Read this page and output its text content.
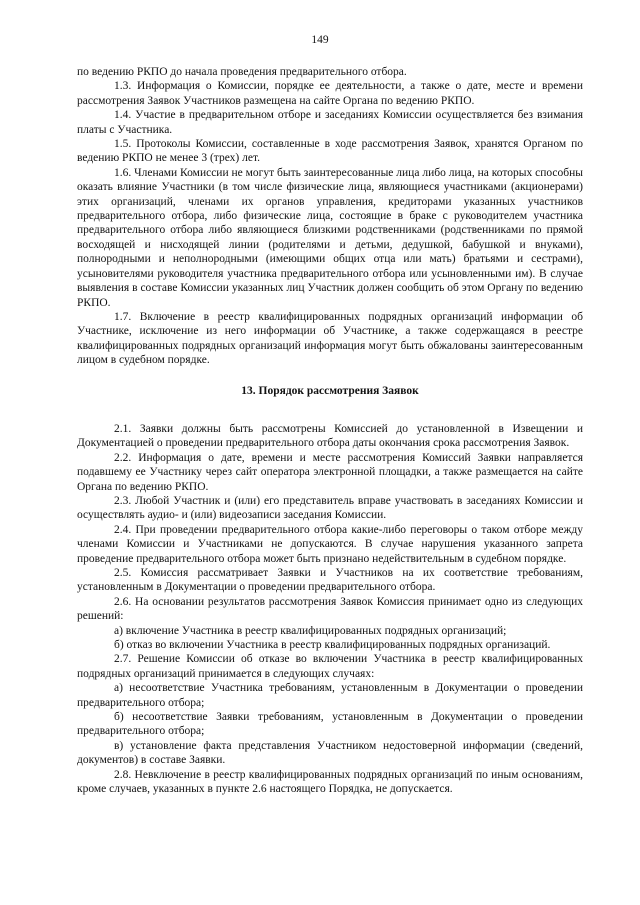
149

по ведению РКПО до начала проведения предварительного отбора.

1.3. Информация о Комиссии, порядке ее деятельности, а также о дате, месте и времени рассмотрения Заявок Участников размещена на сайте Органа по ведению РКПО.

1.4. Участие в предварительном отборе и заседаниях Комиссии осуществляется без взимания платы с Участника.

1.5. Протоколы Комиссии, составленные в ходе рассмотрения Заявок, хранятся Органом по ведению РКПО не менее 3 (трех) лет.

1.6. Членами Комиссии не могут быть заинтересованные лица либо лица, на которых способны оказать влияние Участники (в том числе физические лица, являющиеся участниками (акционерами) этих организаций, членами их органов управления, кредиторами указанных участников предварительного отбора, либо физические лица, состоящие в браке с руководителем участника предварительного отбора либо являющиеся близкими родственниками (родственниками по прямой восходящей и нисходящей линии (родителями и детьми, дедушкой, бабушкой и внуками), полнородными и неполнородными (имеющими общих отца или мать) братьями и сестрами), усыновителями руководителя участника предварительного отбора или усыновленными им). В случае выявления в составе Комиссии указанных лиц Участник должен сообщить об этом Органу по ведению РКПО.

1.7. Включение в реестр квалифицированных подрядных организаций информации об Участнике, исключение из него информации об Участнике, а также содержащаяся в реестре квалифицированных подрядных организаций информация могут быть обжалованы заинтересованным лицом в судебном порядке.

13. Порядок рассмотрения Заявок

2.1. Заявки должны быть рассмотрены Комиссией до установленной в Извещении и Документацией о проведении предварительного отбора даты окончания срока рассмотрения Заявок.

2.2. Информация о дате, времени и месте рассмотрения Комиссий Заявки направляется подавшему ее Участнику через сайт оператора электронной площадки, а также размещается на сайте Органа по ведению РКПО.

2.3. Любой Участник и (или) его представитель вправе участвовать в заседаниях Комиссии и осуществлять аудио- и (или) видеозаписи заседания Комиссии.

2.4. При проведении предварительного отбора какие-либо переговоры о таком отборе между членами Комиссии и Участниками не допускаются. В случае нарушения указанного запрета проведение предварительного отбора может быть признано недействительным в судебном порядке.

2.5. Комиссия рассматривает Заявки и Участников на их соответствие требованиям, установленным в Документации о проведении предварительного отбора.

2.6. На основании результатов рассмотрения Заявок Комиссия принимает одно из следующих решений:

а) включение Участника в реестр квалифицированных подрядных организаций;

б) отказ во включении Участника в реестр квалифицированных подрядных организаций.

2.7. Решение Комиссии об отказе во включении Участника в реестр квалифицированных подрядных организаций принимается в следующих случаях:

а) несоответствие Участника требованиям, установленным в Документации о проведении предварительного отбора;

б) несоответствие Заявки требованиям, установленным в Документации о проведении предварительного отбора;

в) установление факта представления Участником недостоверной информации (сведений, документов) в составе Заявки.

2.8. Невключение в реестр квалифицированных подрядных организаций по иным основаниям, кроме случаев, указанных в пункте 2.6 настоящего Порядка, не допускается.
